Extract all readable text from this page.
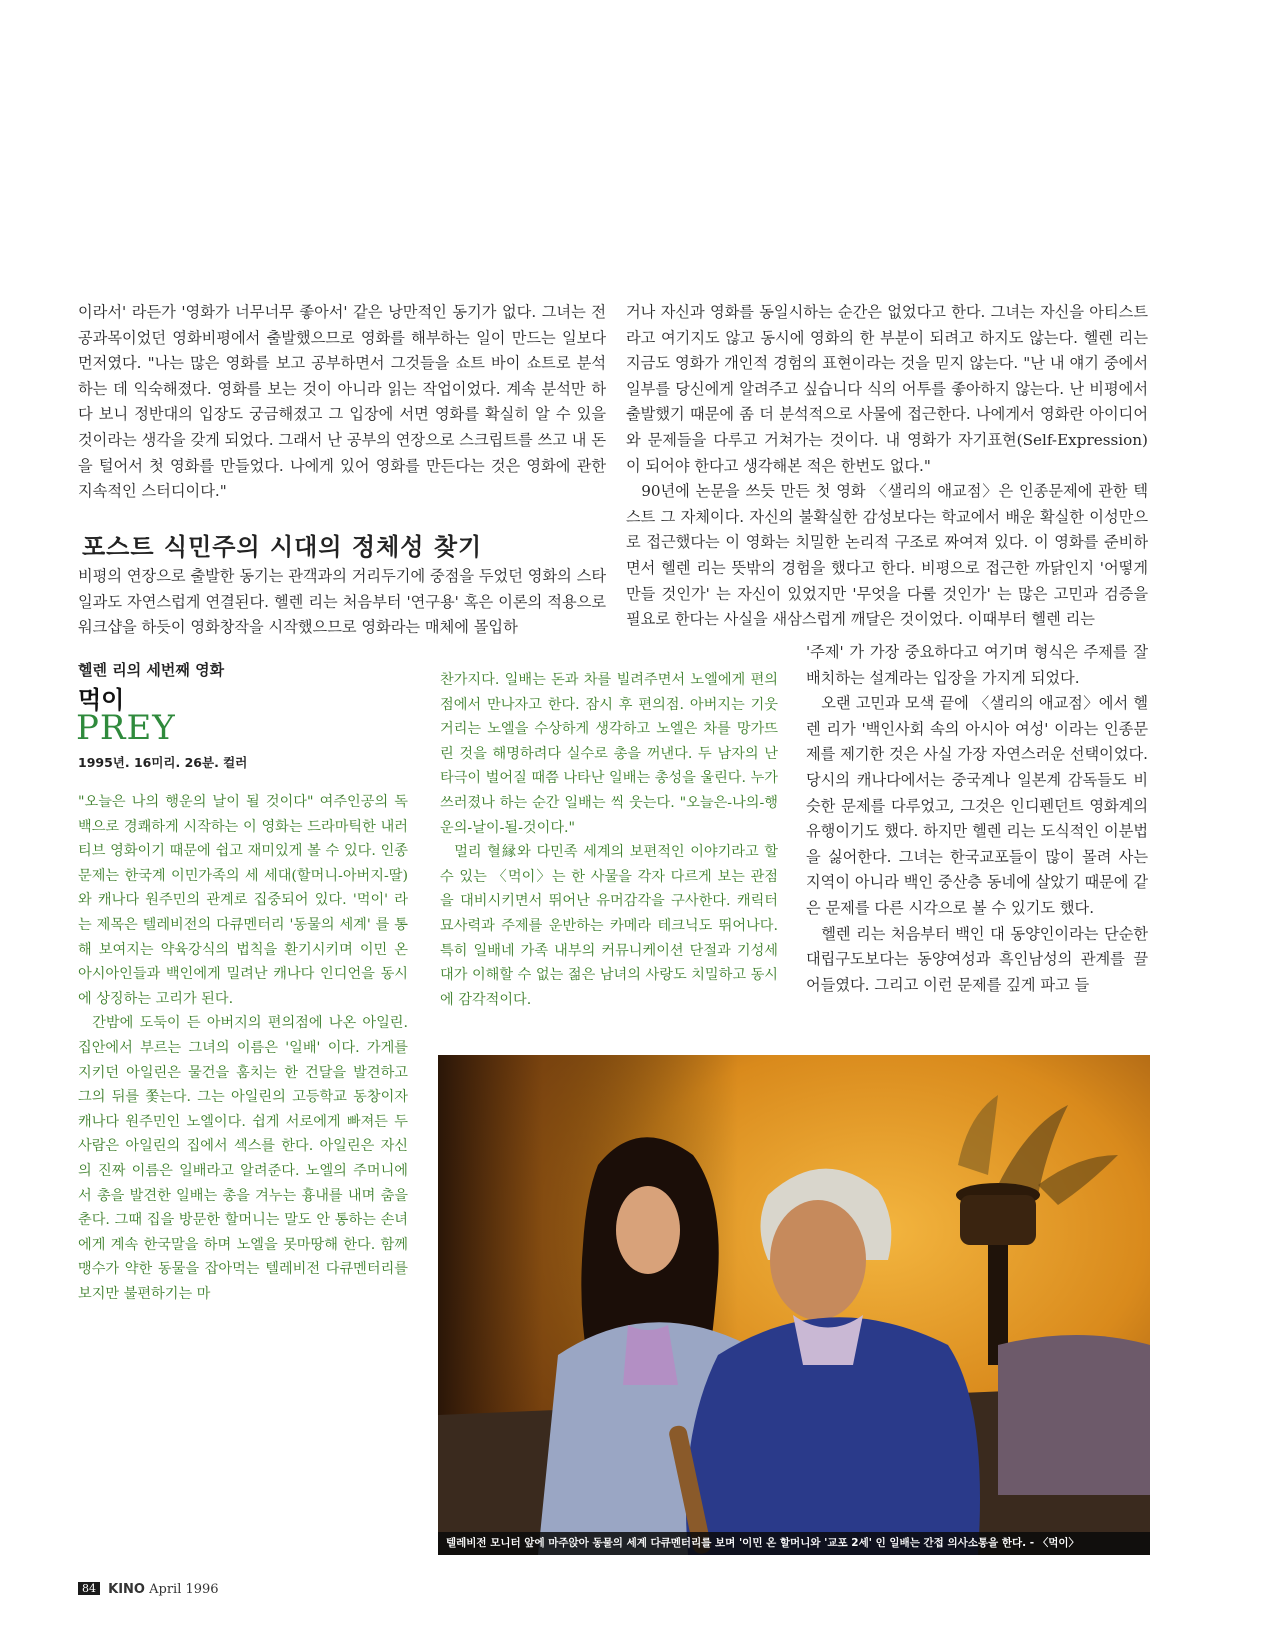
이라서' 라든가 '영화가 너무너무 좋아서' 같은 낭만적인 동기가 없다. 그녀는 전공과목이었던 영화비평에서 출발했으므로 영화를 해부하는 일이 만드는 일보다 먼저였다. "나는 많은 영화를 보고 공부하면서 그것들을 쇼트 바이 쇼트로 분석하는 데 익숙해졌다. 영화를 보는 것이 아니라 읽는 작업이었다. 계속 분석만 하다 보니 정반대의 입장도 궁금해졌고 그 입장에 서면 영화를 확실히 알 수 있을 것이라는 생각을 갖게 되었다. 그래서 난 공부의 연장으로 스크립트를 쓰고 내 돈을 털어서 첫 영화를 만들었다. 나에게 있어 영화를 만든다는 것은 영화에 관한 지속적인 스터디이다."

거나 자신과 영화를 동일시하는 순간은 없었다고 한다. 그녀는 자신을 아티스트라고 여기지도 않고 동시에 영화의 한 부분이 되려고 하지도 않는다. 헬렌 리는 지금도 영화가 개인적 경험의 표현이라는 것을 믿지 않는다. "난 내 얘기 중에서 일부를 당신에게 알려주고 싶습니다 식의 어투를 좋아하지 않는다. 난 비평에서 출발했기 때문에 좀 더 분석적으로 사물에 접근한다. 나에게서 영화란 아이디어와 문제들을 다루고 거쳐가는 것이다. 내 영화가 자기표현(Self-Expression)이 되어야 한다고 생각해본 적은 한번도 없다."

90년에 논문을 쓰듯 만든 첫 영화 〈샐리의 애교점〉은 인종문제에 관한 텍스트 그 자체이다. 자신의 불확실한 감성보다는 학교에서 배운 확실한 이성만으로 접근했다는 이 영화는 치밀한 논리적 구조로 짜여져 있다. 이 영화를 준비하면서 헬렌 리는 뜻밖의 경험을 했다고 한다. 비평으로 접근한 까닭인지 '어떻게 만들 것인가' 는 자신이 있었지만 '무엇을 다룰 것인가' 는 많은 고민과 검증을 필요로 한다는 사실을 새삼스럽게 깨달은 것이었다. 이때부터 헬렌 리는

포스트 식민주의 시대의 정체성 찾기

비평의 연장으로 출발한 동기는 관객과의 거리두기에 중점을 두었던 영화의 스타일과도 자연스럽게 연결된다. 헬렌 리는 처음부터 '연구용' 혹은 이론의 적용으로 워크샵을 하듯이 영화창작을 시작했으므로 영화라는 매체에 몰입하

'주제' 가 가장 중요하다고 여기며 형식은 주제를 잘 배치하는 설계라는 입장을 가지게 되었다.

오랜 고민과 모색 끝에 〈샐리의 애교점〉에서 헬렌 리가 '백인사회 속의 아시아 여성' 이라는 인종문제를 제기한 것은 사실 가장 자연스러운 선택이었다. 당시의 캐나다에서는 중국계나 일본계 감독들도 비슷한 문제를 다루었고, 그것은 인디펜던트 영화계의 유행이기도 했다. 하지만 헬렌 리는 도식적인 이분법을 싫어한다. 그녀는 한국교포들이 많이 몰려 사는 지역이 아니라 백인 중산층 동네에 살았기 때문에 같은 문제를 다른 시각으로 볼 수 있기도 했다.

헬렌 리는 처음부터 백인 대 동양인이라는 단순한 대립구도보다는 동양여성과 흑인남성의 관계를 끌어들였다. 그리고 이런 문제를 깊게 파고 들

헬렌 리의 세번째 영화
먹이
PREY
1995년. 16미리. 26분. 컬러

"오늘은 나의 행운의 날이 될 것이다" 여주인공의 독백으로 경쾌하게 시작하는 이 영화는 드라마틱한 내러티브 영화이기 때문에 쉽고 재미있게 볼 수 있다. 인종문제는 한국계 이민가족의 세 세대(할머니-아버지-딸)와 캐나다 원주민의 관계로 집중되어 있다. '먹이' 라는 제목은 텔레비전의 다큐멘터리 '동물의 세계' 를 통해 보여지는 약육강식의 법칙을 환기시키며 이민 온 아시아인들과 백인에게 밀려난 캐나다 인디언을 동시에 상징하는 고리가 된다.

간밤에 도둑이 든 아버지의 편의점에 나온 아일린. 집안에서 부르는 그녀의 이름은 '일배' 이다. 가게를 지키던 아일린은 물건을 훔치는 한 건달을 발견하고 그의 뒤를 쫓는다. 그는 아일린의 고등학교 동창이자 캐나다 원주민인 노엘이다. 쉽게 서로에게 빠져든 두 사람은 아일린의 집에서 섹스를 한다. 아일린은 자신의 진짜 이름은 일배라고 알려준다. 노엘의 주머니에서 총을 발견한 일배는 총을 겨누는 흉내를 내며 춤을 춘다. 그때 집을 방문한 할머니는 말도 안 통하는 손녀에게 계속 한국말을 하며 노엘을 못마땅해 한다. 함께 맹수가 약한 동물을 잡아먹는 텔레비전 다큐멘터리를 보지만 불편하기는 마

찬가지다. 일배는 돈과 차를 빌려주면서 노엘에게 편의점에서 만나자고 한다. 잠시 후 편의점. 아버지는 기웃거리는 노엘을 수상하게 생각하고 노엘은 차를 망가뜨린 것을 해명하려다 실수로 총을 꺼낸다. 두 남자의 난타극이 벌어질 때쯤 나타난 일배는 총성을 울린다. 누가 쓰러졌나 하는 순간 일배는 씩 웃는다. "오늘은-나의-행운의-날이-될-것이다."

멀리 혈縁와 다민족 세계의 보편적인 이야기라고 할 수 있는 〈먹이〉는 한 사물을 각자 다르게 보는 관점을 대비시키면서 뛰어난 유머감각을 구사한다. 캐릭터 묘사력과 주제를 운반하는 카메라 테크닉도 뛰어나다. 특히 일배네 가족 내부의 커뮤니케이션 단절과 기성세대가 이해할 수 없는 젊은 남녀의 사랑도 치밀하고 동시에 감각적이다.

텔레비전 모니터 앞에 마주앉아 동물의 세계 다큐멘터리를 보며 '이민 온 할머니와 '교포 2세' 인 일배는 간접 의사소통을 한다. - 〈먹이〉
84 KINO April 1996
